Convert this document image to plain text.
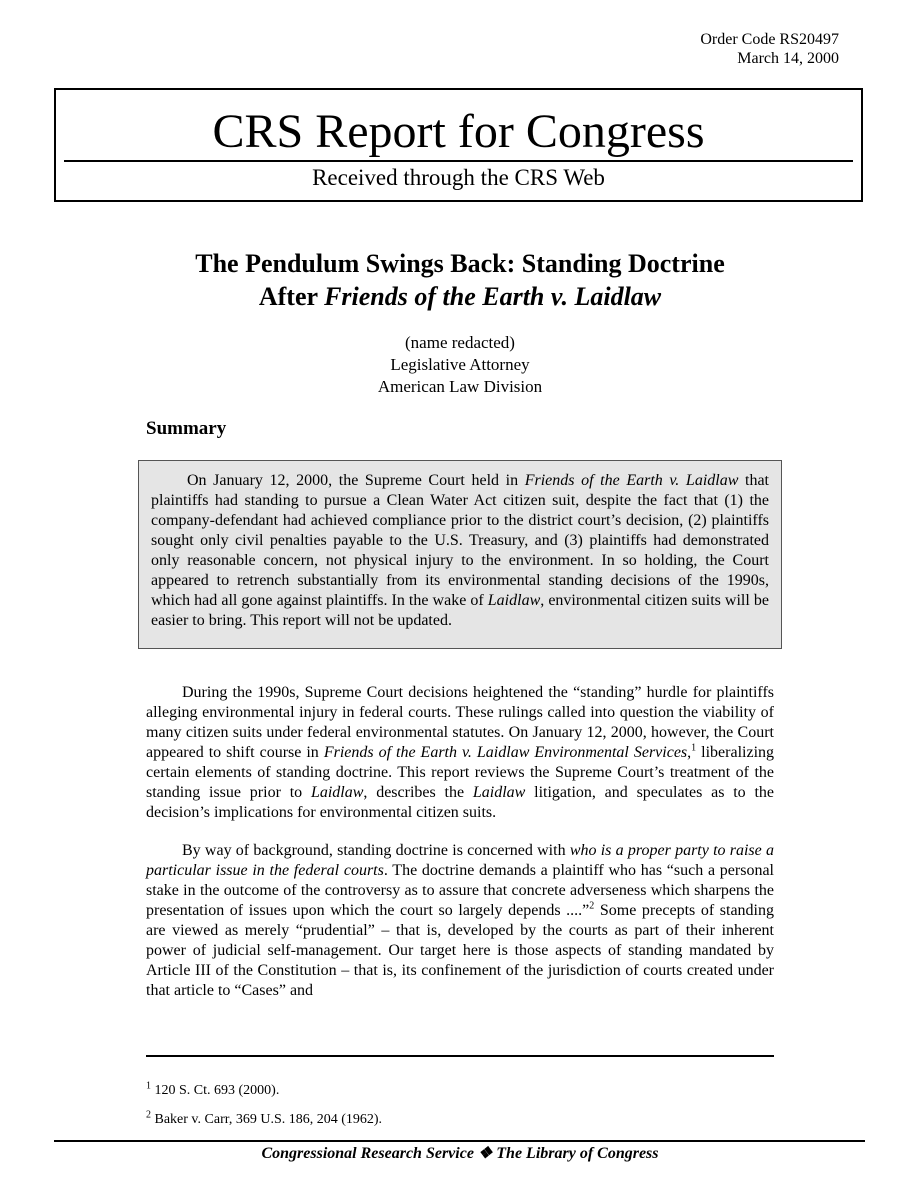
Order Code RS20497
March 14, 2000
CRS Report for Congress
Received through the CRS Web
The Pendulum Swings Back: Standing Doctrine
After Friends of the Earth v. Laidlaw
(name redacted)
Legislative Attorney
American Law Division
Summary

On January 12, 2000, the Supreme Court held in Friends of the Earth v. Laidlaw that plaintiffs had standing to pursue a Clean Water Act citizen suit, despite the fact that (1) the company-defendant had achieved compliance prior to the district court’s decision, (2) plaintiffs sought only civil penalties payable to the U.S. Treasury, and (3) plaintiffs had demonstrated only reasonable concern, not physical injury to the environment. In so holding, the Court appeared to retrench substantially from its environmental standing decisions of the 1990s, which had all gone against plaintiffs. In the wake of Laidlaw, environmental citizen suits will be easier to bring. This report will not be updated.

During the 1990s, Supreme Court decisions heightened the “standing” hurdle for plaintiffs alleging environmental injury in federal courts. These rulings called into question the viability of many citizen suits under federal environmental statutes. On January 12, 2000, however, the Court appeared to shift course in Friends of the Earth v. Laidlaw Environmental Services,$^1$ liberalizing certain elements of standing doctrine. This report reviews the Supreme Court’s treatment of the standing issue prior to Laidlaw, describes the Laidlaw litigation, and speculates as to the decision’s implications for environmental citizen suits.

By way of background, standing doctrine is concerned with who is a proper party to raise a particular issue in the federal courts. The doctrine demands a plaintiff who has “such a personal stake in the outcome of the controversy as to assure that concrete adverseness which sharpens the presentation of issues upon which the court so largely depends ....”$^2$ Some precepts of standing are viewed as merely “prudential” – that is, developed by the courts as part of their inherent power of judicial self-management. Our target here is those aspects of standing mandated by Article III of the Constitution – that is, its confinement of the jurisdiction of courts created under that article to “Cases” and

$^1$ 120 S. Ct. 693 (2000).
$^2$ Baker v. Carr, 369 U.S. 186, 204 (1962).
Congressional Research Service ❖ The Library of Congress
